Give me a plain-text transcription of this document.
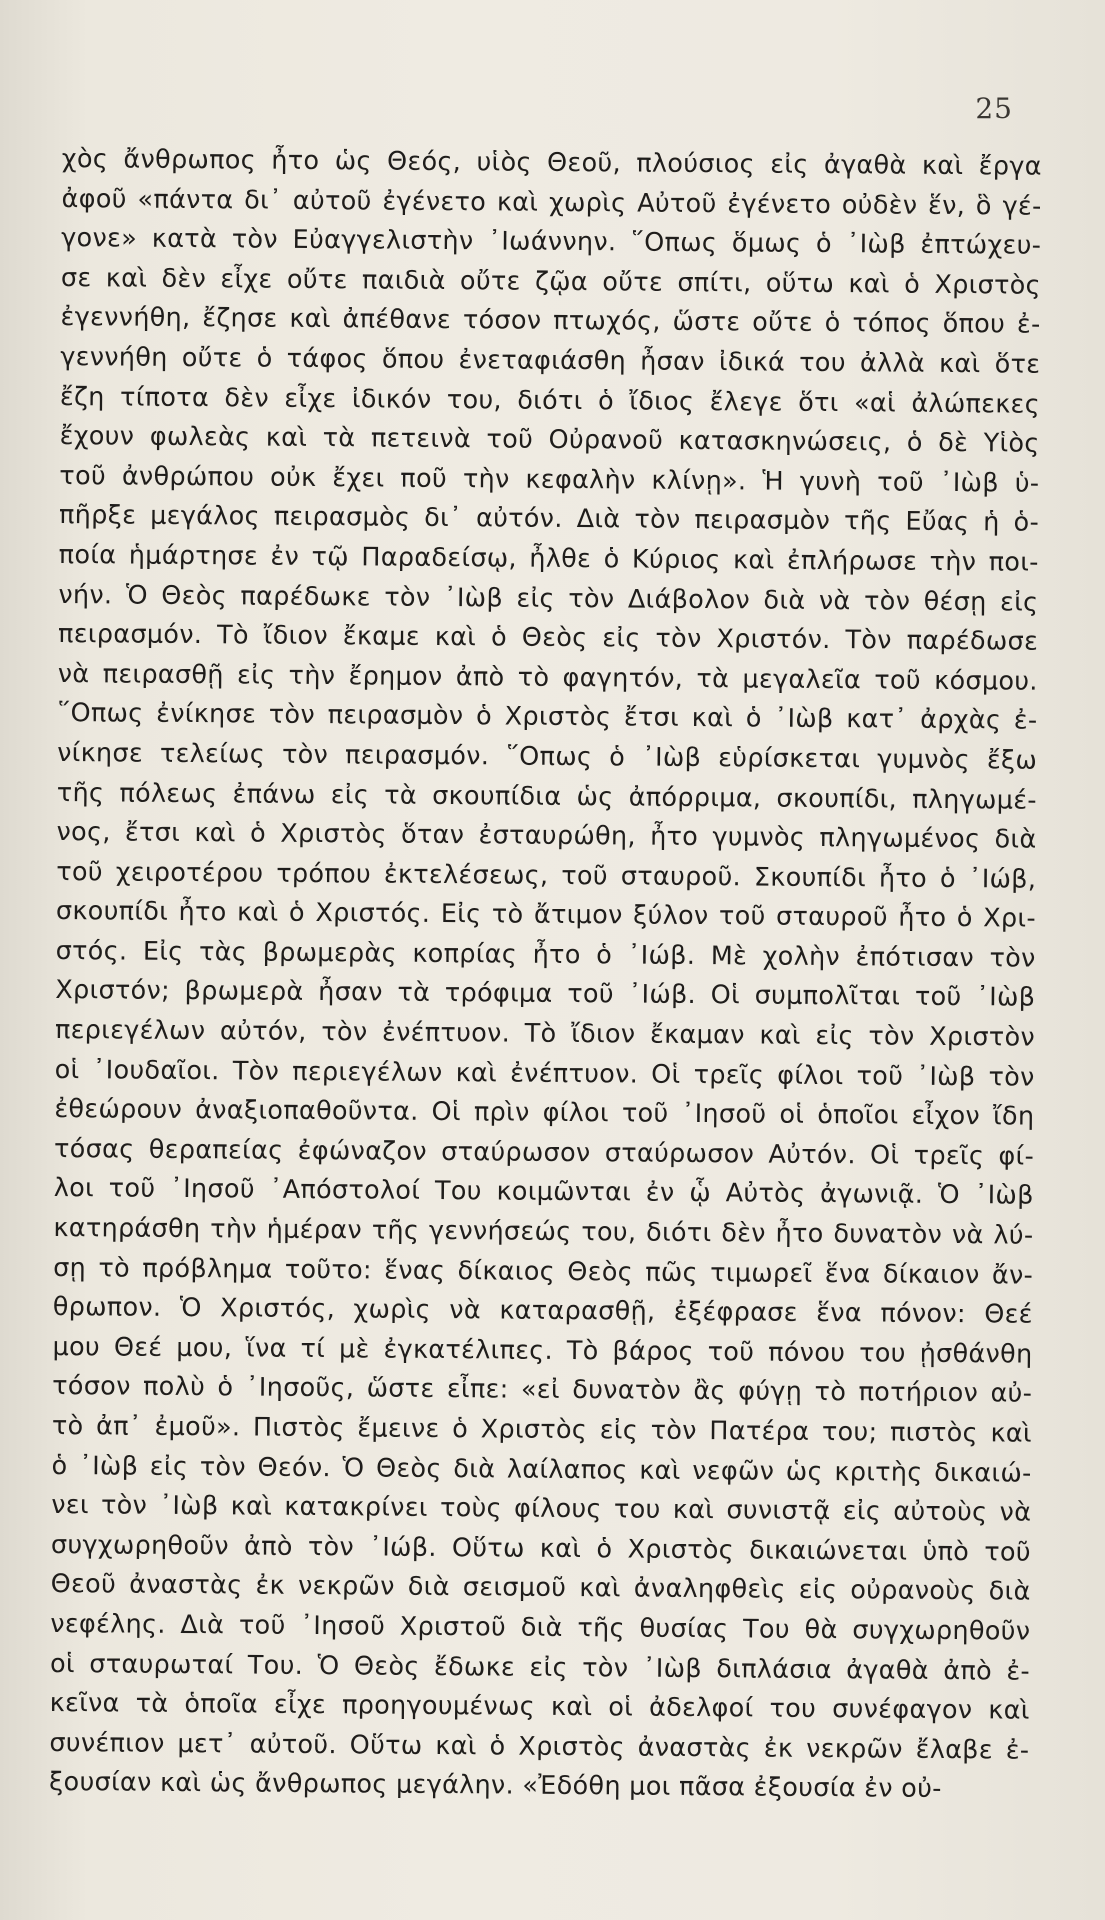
25
χὸς ἄνθρωπος ἦτο ὡς Θεός, υἱὸς Θεοῦ, πλούσιος εἰς ἀγαθὰ καὶ ἔργα
ἀφοῦ «πάντα δι᾿ αὐτοῦ ἐγένετο καὶ χωρὶς Αὐτοῦ ἐγένετο οὐδὲν ἕν, ὃ γέ-
γονε» κατὰ τὸν Εὐαγγελιστὴν ᾿Ιωάννην. ῞Οπως ὅμως ὁ ᾿Ιὼβ ἐπτώχευ-
σε καὶ δὲν εἶχε οὔτε παιδιὰ οὔτε ζῷα οὔτε σπίτι, οὕτω καὶ ὁ Χριστὸς
ἐγεννήθη, ἔζησε καὶ ἀπέθανε τόσον πτωχός, ὥστε οὔτε ὁ τόπος ὅπου ἐ-
γεννήθη οὔτε ὁ τάφος ὅπου ἐνεταφιάσθη ἦσαν ἰδικά του ἀλλὰ καὶ ὅτε
ἔζη τίποτα δὲν εἶχε ἰδικόν του, διότι ὁ ἴδιος ἔλεγε ὅτι «αἱ ἀλώπεκες
ἔχουν φωλεὰς καὶ τὰ πετεινὰ τοῦ Οὐρανοῦ κατασκηνώσεις, ὁ δὲ Υἱὸς
τοῦ ἀνθρώπου οὐκ ἔχει ποῦ τὴν κεφαλὴν κλίνῃ». Ἡ γυνὴ τοῦ ᾿Ιὼβ ὑ-
πῆρξε μεγάλος πειρασμὸς δι᾿ αὐτόν. Διὰ τὸν πειρασμὸν τῆς Εὔας ἡ ὁ-
ποία ἡμάρτησε ἐν τῷ Παραδείσῳ, ἦλθε ὁ Κύριος καὶ ἐπλήρωσε τὴν ποι-
νήν. Ὁ Θεὸς παρέδωκε τὸν ᾿Ιὼβ εἰς τὸν Διάβολον διὰ νὰ τὸν θέσῃ εἰς
πειρασμόν. Τὸ ἴδιον ἔκαμε καὶ ὁ Θεὸς εἰς τὸν Χριστόν. Τὸν παρέδωσε
νὰ πειρασθῇ εἰς τὴν ἔρημον ἀπὸ τὸ φαγητόν, τὰ μεγαλεῖα τοῦ κόσμου.
῞Οπως ἐνίκησε τὸν πειρασμὸν ὁ Χριστὸς ἔτσι καὶ ὁ ᾿Ιὼβ κατ᾿ ἀρχὰς ἐ-
νίκησε τελείως τὸν πειρασμόν. ῞Οπως ὁ ᾿Ιὼβ εὑρίσκεται γυμνὸς ἔξω
τῆς πόλεως ἐπάνω εἰς τὰ σκουπίδια ὡς ἀπόρριμα, σκουπίδι, πληγωμέ-
νος, ἔτσι καὶ ὁ Χριστὸς ὅταν ἐσταυρώθη, ἦτο γυμνὸς πληγωμένος διὰ
τοῦ χειροτέρου τρόπου ἐκτελέσεως, τοῦ σταυροῦ. Σκουπίδι ἦτο ὁ ᾿Ιώβ,
σκουπίδι ἦτο καὶ ὁ Χριστός. Εἰς τὸ ἄτιμον ξύλον τοῦ σταυροῦ ἦτο ὁ Χρι-
στός. Εἰς τὰς βρωμερὰς κοπρίας ἦτο ὁ ᾿Ιώβ. Μὲ χολὴν ἐπότισαν τὸν
Χριστόν; βρωμερὰ ἦσαν τὰ τρόφιμα τοῦ ᾿Ιώβ. Οἱ συμπολῖται τοῦ ᾿Ιὼβ
περιεγέλων αὐτόν, τὸν ἐνέπτυον. Τὸ ἴδιον ἔκαμαν καὶ εἰς τὸν Χριστὸν
οἱ ᾿Ιουδαῖοι. Τὸν περιεγέλων καὶ ἐνέπτυον. Οἱ τρεῖς φίλοι τοῦ ᾿Ιὼβ τὸν
ἐθεώρουν ἀναξιοπαθοῦντα. Οἱ πρὶν φίλοι τοῦ ᾿Ιησοῦ οἱ ὁποῖοι εἶχον ἴδη
τόσας θεραπείας ἐφώναζον σταύρωσον σταύρωσον Αὐτόν. Οἱ τρεῖς φί-
λοι τοῦ ᾿Ιησοῦ ᾿Απόστολοί Του κοιμῶνται ἐν ᾧ Αὐτὸς ἀγωνιᾷ. Ὁ ᾿Ιὼβ
κατηράσθη τὴν ἡμέραν τῆς γεννήσεώς του, διότι δὲν ἦτο δυνατὸν νὰ λύ-
σῃ τὸ πρόβλημα τοῦτο: ἕνας δίκαιος Θεὸς πῶς τιμωρεῖ ἕνα δίκαιον ἄν-
θρωπον. Ὁ Χριστός, χωρὶς νὰ καταρασθῇ, ἐξέφρασε ἕνα πόνον: Θεέ
μου Θεέ μου, ἵνα τί μὲ ἐγκατέλιπες. Τὸ βάρος τοῦ πόνου του ᾐσθάνθη
τόσον πολὺ ὁ ᾿Ιησοῦς, ὥστε εἶπε: «εἰ δυνατὸν ἂς φύγῃ τὸ ποτήριον αὐ-
τὸ ἀπ᾿ ἐμοῦ». Πιστὸς ἔμεινε ὁ Χριστὸς εἰς τὸν Πατέρα του; πιστὸς καὶ
ὁ ᾿Ιὼβ εἰς τὸν Θεόν. Ὁ Θεὸς διὰ λαίλαπος καὶ νεφῶν ὡς κριτὴς δικαιώ-
νει τὸν ᾿Ιὼβ καὶ κατακρίνει τοὺς φίλους του καὶ συνιστᾷ εἰς αὐτοὺς νὰ
συγχωρηθοῦν ἀπὸ τὸν ᾿Ιώβ. Οὕτω καὶ ὁ Χριστὸς δικαιώνεται ὑπὸ τοῦ
Θεοῦ ἀναστὰς ἐκ νεκρῶν διὰ σεισμοῦ καὶ ἀναληφθεὶς εἰς οὐρανοὺς διὰ
νεφέλης. Διὰ τοῦ ᾿Ιησοῦ Χριστοῦ διὰ τῆς θυσίας Του θὰ συγχωρηθοῦν
οἱ σταυρωταί Του. Ὁ Θεὸς ἔδωκε εἰς τὸν ᾿Ιὼβ διπλάσια ἀγαθὰ ἀπὸ ἐ-
κεῖνα τὰ ὁποῖα εἶχε προηγουμένως καὶ οἱ ἀδελφοί του συνέφαγον καὶ
συνέπιον μετ᾿ αὐτοῦ. Οὕτω καὶ ὁ Χριστὸς ἀναστὰς ἐκ νεκρῶν ἔλαβε ἐ-
ξουσίαν καὶ ὡς ἄνθρωπος μεγάλην. «Ἐδόθη μοι πᾶσα ἐξουσία ἐν οὐ-
